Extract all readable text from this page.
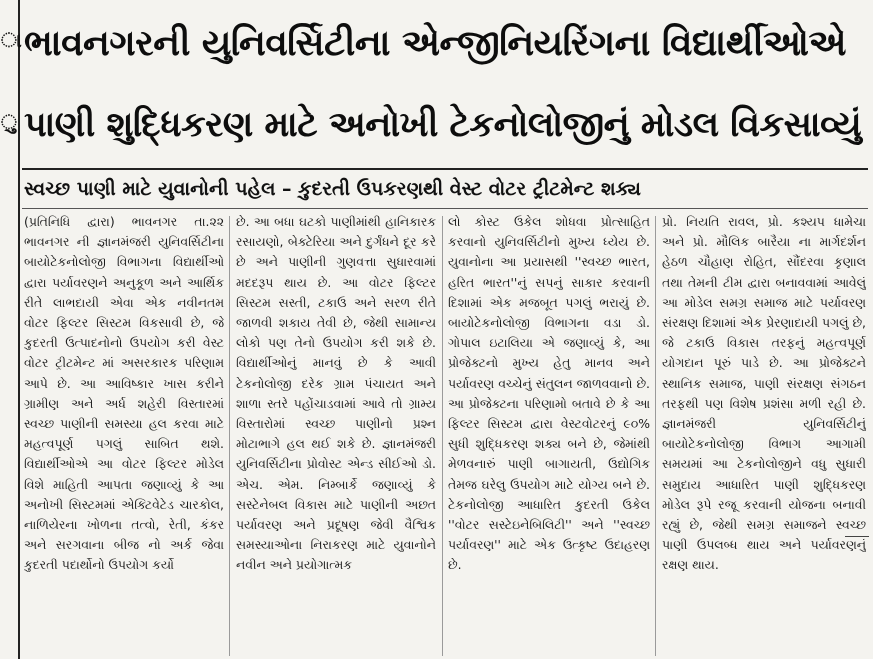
ા
ુ
ભાવનગરની યુનિવર્સિટીના એન્જીનિયરિંગના વિદ્યાર્થીઓએ
પાણી શુદ્ધિકરણ માટે અનોખી ટેકનોલોજીનું મોડલ વિકસાવ્યું
સ્વચ્છ પાણી માટે યુવાનોની પહેલ – કુદરતી ઉપકરણથી વેસ્ટ વોટર ટ્રીટમેન્ટ શક્ય

(પ્રતિનિધિ દ્વારા) ભાવનગર તા.૨૨ ભાવનગર ની જ્ઞાનમંજરી યુનિવર્સિટીના બાયોટેકનોલોજી વિભાગના વિદ્યાર્થીઓ દ્વારા પર્યાવરણને અનુકૂળ અને આર્થિક રીતે લાભદાયી એવા એક નવીનતમ વોટર ફિલ્ટર સિસ્ટમ વિકસાવી છે, જે કુદરતી ઉત્પાદનોનો ઉપયોગ કરી વેસ્ટ વોટર ટ્રીટમેન્ટ માં અસરકારક પરિણામ આપે છે. આ આવિષ્કાર ખાસ કરીને ગ્રામીણ અને અર્ધ શહેરી વિસ્તારમાં સ્વચ્છ પાણીની સમસ્યા હલ કરવા માટે મહત્વપૂર્ણ પગલું સાબિત થશે. વિદ્યાર્થીઓએ આ વોટર ફિલ્ટર મોડેલ વિશે માહિતી આપતા જણાવ્યું કે આ અનોખી સિસ્ટમમાં એક્ટિવેટેડ ચારકોલ, નાળિયેરના ખોળના તત્વો, રેતી, કંકર અને સરગવાના બીજ નો અર્ક જેવા કુદરતી પદાર્થોનો ઉપયોગ કર્યો

છે. આ બધા ઘટકો પાણીમાંથી હાનિકારક રસાયણો, બેક્ટેરિયા અને દુર્ગંધને દૂર કરે છે અને પાણીની ગુણવત્તા સુધારવામાં મદદરૂપ થાય છે. આ વોટર ફિલ્ટર સિસ્ટમ સસ્તી, ટકાઉ અને સરળ રીતે જાળવી શકાય તેવી છે, જેથી સામાન્ય લોકો પણ તેનો ઉપયોગ કરી શકે છે. વિદ્યાર્થીઓનું માનવું છે કે આવી ટેકનોલોજી દરેક ગ્રામ પંચાયત અને શાળા સ્તરે પહોંચાડવામાં આવે તો ગ્રામ્ય વિસ્તારોમાં સ્વચ્છ પાણીનો પ્રશ્ન મોટાભાગે હલ થઈ શકે છે. જ્ઞાનમંજરી યુનિવર્સિટીના પ્રોવોસ્ટ એન્ડ સીઈઓ ડો. એચ. એમ. નિમ્બાર્કે જણાવ્યું કે સસ્ટેનેબલ વિકાસ માટે પાણીની અછત પર્યાવરણ અને પ્રદૂષણ જેવી વૈશ્વિક સમસ્યાઓના નિરાકરણ માટે યુવાનોને નવીન અને પ્રયોગાત્મક

લો કોસ્ટ ઉકેલ શોધવા પ્રોત્સાહિત કરવાનો યુનિવર્સિટીનો મુખ્ય ધ્યેય છે. યુવાનોના આ પ્રયાસથી ''સ્વચ્છ ભારત, હરિત ભારત''નું સપનું સાકાર કરવાની દિશામાં એક મજબૂત પગલું ભરાયું છે. બાયોટેકનોલોજી વિભાગના વડા ડો. ગોપાલ ઇટાલિયા એ જણાવ્યું કે, આ પ્રોજેક્ટનો મુખ્ય હેતુ માનવ અને પર્યાવરણ વચ્ચેનું સંતુલન જાળવવાનો છે. આ પ્રોજેક્ટના પરિણામો બતાવે છે કે આ ફિલ્ટર સિસ્ટમ દ્વારા વેસ્ટવોટરનું ૯૦% સુધી શુદ્ધિકરણ શક્ય બને છે, જેમાંથી મેળવનારું પાણી બાગાયતી, ઉદ્યોગિક તેમજ ઘરેલુ ઉપયોગ માટે યોગ્ય બને છે. ટેકનોલોજી આધારિત કુદરતી ઉકેલ ''વોટર સસ્ટેઇનેબિલિટી'' અને ''સ્વચ્છ પર્યાવરણ'' માટે એક ઉત્કૃષ્ટ ઉદાહરણ છે.

પ્રો. નિયતિ રાવલ, પ્રો. કશ્યપ ધામેચા અને પ્રો. મૌલિક બારૈયા ના માર્ગદર્શન હેઠળ ચૌહાણ રોહિત, સૌંદરવા કૃણાલ તથા તેમની ટીમ દ્વારા બનાવવામાં આવેલું આ મોડેલ સમગ્ર સમાજ માટે પર્યાવરણ સંરક્ષણ દિશામાં એક પ્રેરણાદાયી પગલું છે, જે ટકાઉ વિકાસ તરફનું મહત્વપૂર્ણ યોગદાન પૂરું પાડે છે. આ પ્રોજેક્ટને સ્થાનિક સમાજ, પાણી સંરક્ષણ સંગઠન તરફથી પણ વિશેષ પ્રશંસા મળી રહી છે. જ્ઞાનમંજરી યુનિવર્સિટીનું બાયોટેકનોલોજી વિભાગ આગામી સમયમાં આ ટેકનોલોજીને વધુ સુધારી સમુદાય આધારિત પાણી શુદ્ધિકરણ મોડેલ રૂપે રજૂ કરવાની યોજના બનાવી રહ્યું છે, જેથી સમગ્ર સમાજને સ્વચ્છ પાણી ઉપલબ્ધ થાય અને પર્યાવરણનું રક્ષણ થાય.
